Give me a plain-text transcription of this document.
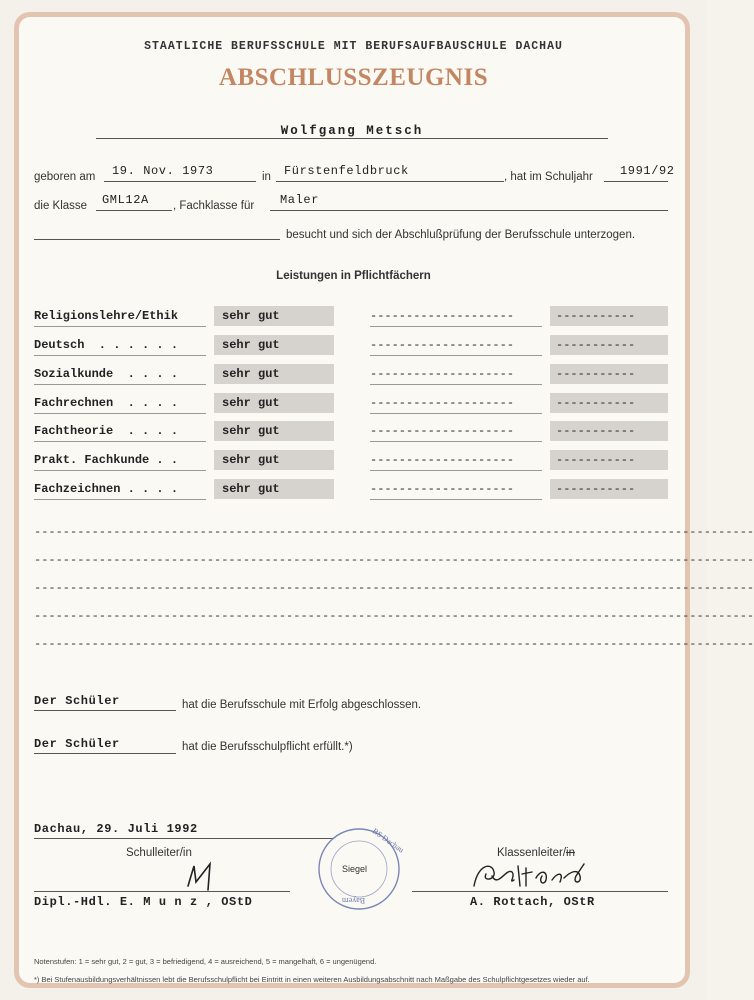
STAATLICHE BERUFSSCHULE MIT BERUFSAUFBAUSCHULE DACHAU
ABSCHLUSSZEUGNIS
Wolfgang Metsch
geboren am 19. Nov. 1973	in Fürstenfeldbruck	, hat im Schuljahr 1991/92
die Klasse GML12A , Fachklasse für Maler
besucht und sich der Abschlußprüfung der Berufsschule unterzogen.
Leistungen in Pflichtfächern
Religionslehre/Ethik	sehr gut	--------------------	-----------
Deutsch  . . . . . .	sehr gut	--------------------	-----------
Sozialkunde  . . . .	sehr gut	--------------------	-----------
Fachrechnen  . . . .	sehr gut	--------------------	-----------
Fachtheorie  . . . .	sehr gut	--------------------	-----------
Prakt. Fachkunde . .	sehr gut	--------------------	-----------
Fachzeichnen . . . .	sehr gut	--------------------	-----------
----------------------------------------------------------------------------------------------------
----------------------------------------------------------------------------------------------------
----------------------------------------------------------------------------------------------------
----------------------------------------------------------------------------------------------------
----------------------------------------------------------------------------------------------------
Der Schüler	hat die Berufsschule mit Erfolg abgeschlossen.
Der Schüler	hat die Berufsschulpflicht erfüllt.*)
Dachau, 29. Juli 1992
Schulleiter/in	Klassenleiter/in
BS Dachau
Siegel
Bayern
Dipl.-Hdl. E. M u n z , OStD	A. Rottach, OStR
Notenstufen: 1 = sehr gut, 2 = gut, 3 = befriedigend, 4 = ausreichend, 5 = mangelhaft, 6 = ungenügend.
*) Bei Stufenausbildungsverhältnissen lebt die Berufsschulpflicht bei Eintritt in einen weiteren Ausbildungsabschnitt nach Maßgabe des Schulpflichtgesetzes wieder auf.
